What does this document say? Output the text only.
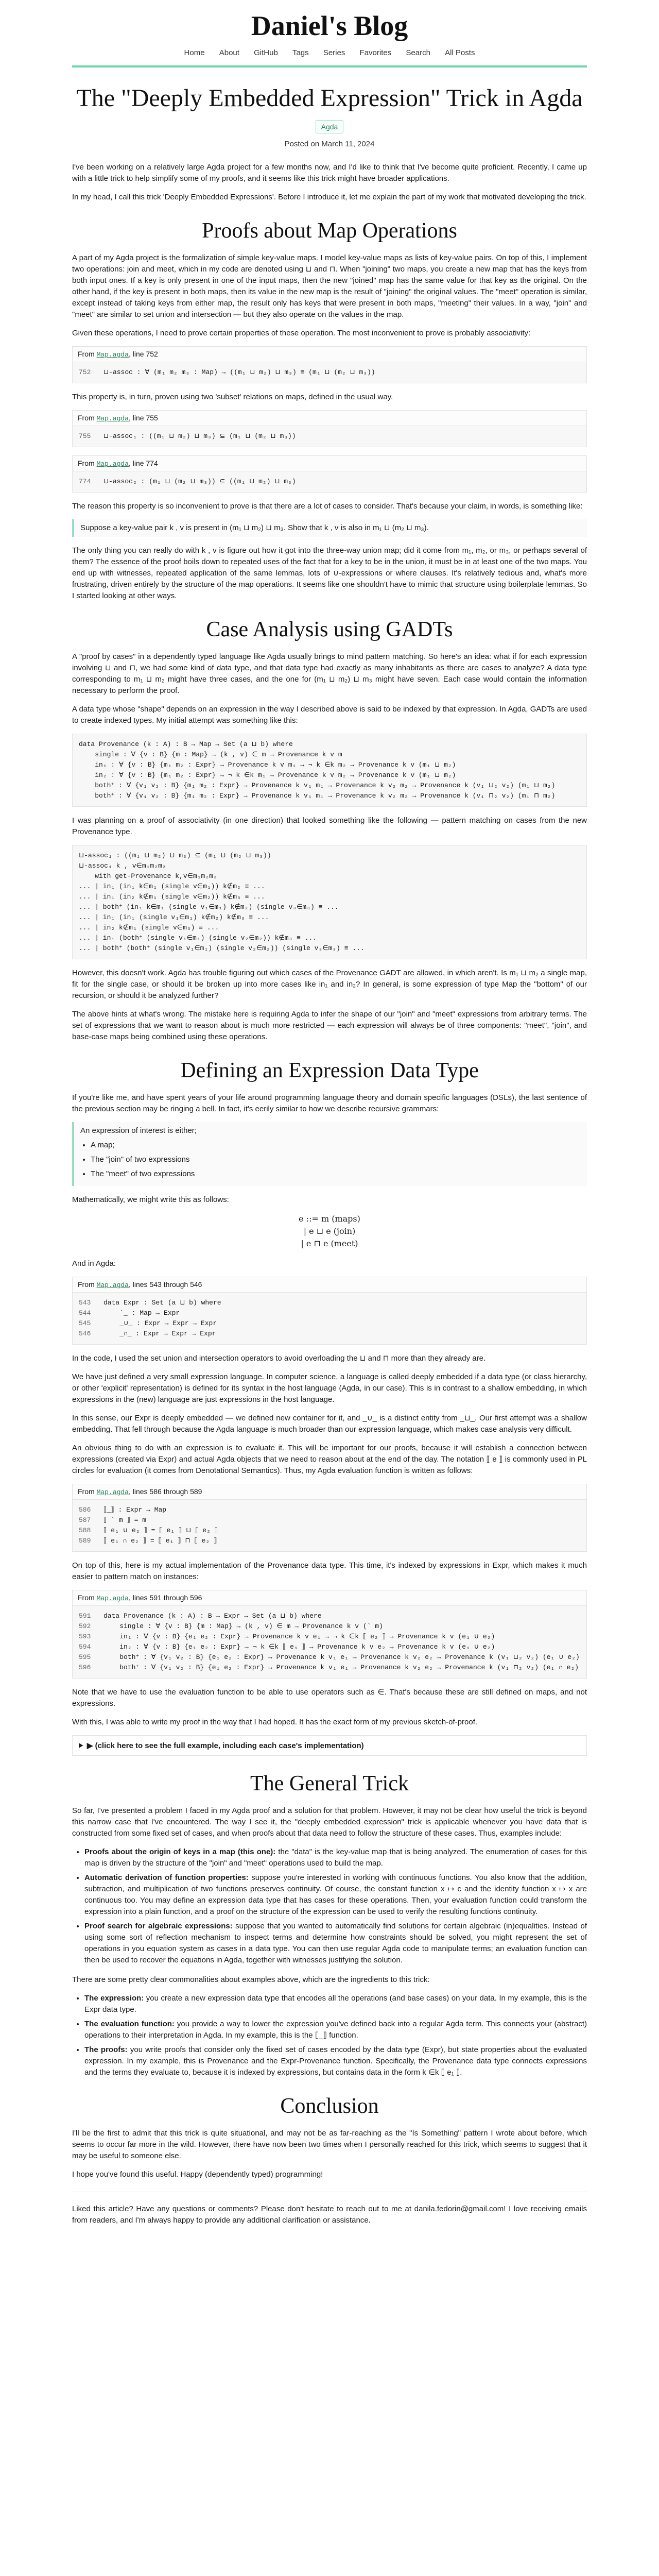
Daniel's Blog
Home About GitHub Tags Series Favorites Search All Posts
The "Deeply Embedded Expression" Trick in Agda
Agda
Posted on March 11, 2024

I've been working on a relatively large Agda project for a few months now, and I'd like to think that I've become quite proficient. Recently, I came up with a little trick to help simplify some of my proofs, and it seems like this trick might have broader applications.

In my head, I call this trick 'Deeply Embedded Expressions'. Before I introduce it, let me explain the part of my work that motivated developing the trick.

Proofs about Map Operations

A part of my Agda project is the formalization of simple key-value maps. I model key-value maps as lists of key-value pairs. On top of this, I implement two operations: join and meet, which in my code are denoted using ⊔ and ⊓. When "joining" two maps, you create a new map that has the keys from both input ones. If a key is only present in one of the input maps, then the new "joined" map has the same value for that key as the original. On the other hand, if the key is present in both maps, then its value in the new map is the result of "joining" the original values. The "meet" operation is similar, except instead of taking keys from either map, the result only has keys that were present in both maps, "meeting" their values. In a way, "join" and "meet" are similar to set union and intersection — but they also operate on the values in the map.

Given these operations, I need to prove certain properties of these operation. The most inconvenient to prove is probably associativity:

From Map.agda, line 752
752 ⊔-assoc : ∀ (m₁ m₂ m₃ : Map) → ((m₁ ⊔ m₂) ⊔ m₃) ≡ (m₁ ⊔ (m₂ ⊔ m₃))

This property is, in turn, proven using two 'subset' relations on maps, defined in the usual way.

From Map.agda, line 755
755 ⊔-assoc₁ : ((m₁ ⊔ m₂) ⊔ m₃) ⊆ (m₁ ⊔ (m₂ ⊔ m₃))
From Map.agda, line 774
774 ⊔-assoc₂ : (m₁ ⊔ (m₂ ⊔ m₃)) ⊆ ((m₁ ⊔ m₂) ⊔ m₃)

The reason this property is so inconvenient to prove is that there are a lot of cases to consider. That's because your claim, in words, is something like:

Suppose a key-value pair k , v is present in (m₁ ⊔ m₂) ⊔ m₃. Show that k , v is also in m₁ ⊔ (m₂ ⊔ m₃).

The only thing you can really do with k , v is figure out how it got into the three-way union map; did it come from m₁, m₂, or m₃, or perhaps several of them? The essence of the proof boils down to repeated uses of the fact that for a key to be in the union, it must be in at least one of the two maps. You end up with witnesses, repeated application of the same lemmas, lots of ∪-expressions or where clauses. It's relatively tedious and, what's more frustrating, driven entirely by the structure of the map operations. It seems like one shouldn't have to mimic that structure using boilerplate lemmas. So I started looking at other ways.

Case Analysis using GADTs

A "proof by cases" in a dependently typed language like Agda usually brings to mind pattern matching. So here's an idea: what if for each expression involving ⊔ and ⊓, we had some kind of data type, and that data type had exactly as many inhabitants as there are cases to analyze? A data type corresponding to m₁ ⊔ m₂ might have three cases, and the one for (m₁ ⊔ m₂) ⊔ m₃ might have seven. Each case would contain the information necessary to perform the proof.

A data type whose "shape" depends on an expression in the way I described above is said to be indexed by that expression. In Agda, GADTs are used to create indexed types. My initial attempt was something like this:

data Provenance (k : A) : B → Map → Set (a ⊔ b) where
single : ∀ {v : B} {m : Map} → (k , v) ∈ m → Provenance k v m
in₁ : ∀ {v : B} {m₁ m₂ : Expr} → Provenance k v m₁ → ¬ k ∈k m₂ → Provenance k v (m₁ ⊔ m₂)
in₂ : ∀ {v : B} {m₁ m₂ : Expr} → ¬ k ∈k m₁ → Provenance k v m₂ → Provenance k v (m₁ ⊔ m₂)
both⁺ : ∀ {v₁ v₂ : B} {m₁ m₂ : Expr} → Provenance k v₁ m₁ → Provenance k v₂ m₂ → Provenance k (v₁ ⊔₂ v₂) (m₁ ⊔ m₂)
both⁺ : ∀ {v₁ v₂ : B} {m₁ m₂ : Expr} → Provenance k v₁ m₁ → Provenance k v₂ m₂ → Provenance k (v₁ ⊓₂ v₂) (m₁ ⊓ m₂)

I was planning on a proof of associativity (in one direction) that looked something like the following — pattern matching on cases from the new Provenance type.

⊔-assoc₁ : ((m₁ ⊔ m₂) ⊔ m₃) ⊆ (m₁ ⊔ (m₂ ⊔ m₃))
⊔-assoc₁ k , v∈m₁m₂m₃
with get-Provenance k,v∈m₁m₂m₃
... | in₁ (in₁ k∈m₁ (single v∈m₁)) k∉m₂ ≡ ...
... | in₁ (in₂ k∉m₁ (single v∈m₂)) k∉m₃ ≡ ...
... | both⁺ (in₁ k∈m₁ (single v₁∈m₁) k∉m₂) (single v₃∈m₃) ≡ ...
... | in₁ (in₁ (single v₁∈m₁) k∉m₂) k∉m₃ ≡ ...
... | in₂ k∉m₁ (single v∈m₃) ≡ ...
... | in₁ (both⁺ (single v₁∈m₁) (single v₂∈m₂)) k∉m₃ ≡ ...
... | both⁺ (both⁺ (single v₁∈m₁) (single v₂∈m₂)) (single v₃∈m₃) ≡ ...

However, this doesn't work. Agda has trouble figuring out which cases of the Provenance GADT are allowed, in which aren't. Is m₁ ⊔ m₂ a single map, fit for the single case, or should it be broken up into more cases like in₁ and in₂? In general, is some expression of type Map the "bottom" of our recursion, or should it be analyzed further?

The above hints at what's wrong. The mistake here is requiring Agda to infer the shape of our "join" and "meet" expressions from arbitrary terms. The set of expressions that we want to reason about is much more restricted — each expression will always be of three components: "meet", "join", and base-case maps being combined using these operations.

Defining an Expression Data Type

If you're like me, and have spent years of your life around programming language theory and domain specific languages (DSLs), the last sentence of the previous section may be ringing a bell. In fact, it's eerily similar to how we describe recursive grammars:

An expression of interest is either;
• A map;
• The "join" of two expressions
• The "meet" of two expressions

Mathematically, we might write this as follows:

e ::= m (maps)
| e ⊔ e (join)
| e ⊓ e (meet)

And in Agda:

From Map.agda, lines 543 through 546
543 data Expr : Set (a ⊔ b) where
544    `_ : Map → Expr
545    _∪_ : Expr → Expr → Expr
546    _∩_ : Expr → Expr → Expr

In the code, I used the set union and intersection operators to avoid overloading the ⊔ and ⊓ more than they already are.

We have just defined a very small expression language. In computer science, a language is called deeply embedded if a data type (or class hierarchy, or other 'explicit' representation) is defined for its syntax in the host language (Agda, in our case). This is in contrast to a shallow embedding, in which expressions in the (new) language are just expressions in the host language.

In this sense, our Expr is deeply embedded — we defined new container for it, and _∪_ is a distinct entity from _⊔_. Our first attempt was a shallow embedding. That fell through because the Agda language is much broader than our expression language, which makes case analysis very difficult.

An obvious thing to do with an expression is to evaluate it. This will be important for our proofs, because it will establish a connection between expressions (created via Expr) and actual Agda objects that we need to reason about at the end of the day. The notation ⟦ e ⟧ is commonly used in PL circles for evaluation (it comes from Denotational Semantics). Thus, my Agda evaluation function is written as follows:

From Map.agda, lines 586 through 589
586 ⟦_⟧ : Expr → Map
587 ⟦ ` m ⟧ = m
588 ⟦ e₁ ∪ e₂ ⟧ = ⟦ e₁ ⟧ ⊔ ⟦ e₂ ⟧
589 ⟦ e₁ ∩ e₂ ⟧ = ⟦ e₁ ⟧ ⊓ ⟦ e₂ ⟧

On top of this, here is my actual implementation of the Provenance data type. This time, it's indexed by expressions in Expr, which makes it much easier to pattern match on instances:

From Map.agda, lines 591 through 596
591 data Provenance (k : A) : B → Expr → Set (a ⊔ b) where
592    single : ∀ {v : B} {m : Map} → (k , v) ∈ m → Provenance k v (` m)
593    in₁ : ∀ {v : B} {e₁ e₂ : Expr} → Provenance k v e₁ → ¬ k ∈k ⟦ e₂ ⟧ → Provenance k v (e₁ ∪ e₂)
594    in₂ : ∀ {v : B} {e₁ e₂ : Expr} → ¬ k ∈k ⟦ e₁ ⟧ → Provenance k v e₂ → Provenance k v (e₁ ∪ e₂)
595    both⁺ : ∀ {v₁ v₂ : B} {e₁ e₂ : Expr} → Provenance k v₁ e₁ → Provenance k v₂ e₂ → Provenance k (v₁ ⊔₂ v₂) (e₁ ∪ e₂)
596    both⁺ : ∀ {v₁ v₂ : B} {e₁ e₂ : Expr} → Provenance k v₁ e₁ → Provenance k v₂ e₂ → Provenance k (v₁ ⊓₂ v₂) (e₁ ∩ e₂)

Note that we have to use the evaluation function to be able to use operators such as ∈. That's because these are still defined on maps, and not expressions.

With this, I was able to write my proof in the way that I had hoped. It has the exact form of my previous sketch-of-proof.

▶ (click here to see the full example, including each case's implementation)
The General Trick

So far, I've presented a problem I faced in my Agda proof and a solution for that problem. However, it may not be clear how useful the trick is beyond this narrow case that I've encountered. The way I see it, the "deeply embedded expression" trick is applicable whenever you have data that is constructed from some fixed set of cases, and when proofs about that data need to follow the structure of these cases. Thus, examples include:

• Proofs about the origin of keys in a map (this one): the "data" is the key-value map that is being analyzed. The enumeration of cases for this map is driven by the structure of the "join" and "meet" operations used to build the map.
• Automatic derivation of function properties: suppose you're interested in working with continuous functions. You also know that the addition, subtraction, and multiplication of two functions preserves continuity. Of course, the constant function x ↦ c and the identity function x ↦ x are continuous too. You may define an expression data type that has cases for these operations. Then, your evaluation function could transform the expression into a plain function, and a proof on the structure of the expression can be used to verify the resulting functions continuity.
• Proof search for algebraic expressions: suppose that you wanted to automatically find solutions for certain algebraic (in)equalities. Instead of using some sort of reflection mechanism to inspect terms and determine how constraints should be solved, you might represent the set of operations in you equation system as cases in a data type. You can then use regular Agda code to manipulate terms; an evaluation function can then be used to recover the equations in Agda, together with witnesses justifying the solution.

There are some pretty clear commonalities about examples above, which are the ingredients to this trick:

• The expression: you create a new expression data type that encodes all the operations (and base cases) on your data. In my example, this is the Expr data type.
• The evaluation function: you provide a way to lower the expression you've defined back into a regular Agda term. This connects your (abstract) operations to their interpretation in Agda. In my example, this is the ⟦_⟧ function.
• The proofs: you write proofs that consider only the fixed set of cases encoded by the data type (Expr), but state properties about the evaluated expression. In my example, this is Provenance and the Expr-Provenance function. Specifically, the Provenance data type connects expressions and the terms they evaluate to, because it is indexed by expressions, but contains data in the form k ∈k ⟦ e₁ ⟧.
Conclusion

I'll be the first to admit that this trick is quite situational, and may not be as far-reaching as the "Is Something" pattern I wrote about before, which seems to occur far more in the wild. However, there have now been two times when I personally reached for this trick, which seems to suggest that it may be useful to someone else.

I hope you've found this useful. Happy (dependently typed) programming!

Liked this article? Have any questions or comments? Please don't hesitate to reach out to me at danila.fedorin@gmail.com! I love receiving emails from readers, and I'm always happy to provide any additional clarification or assistance.
